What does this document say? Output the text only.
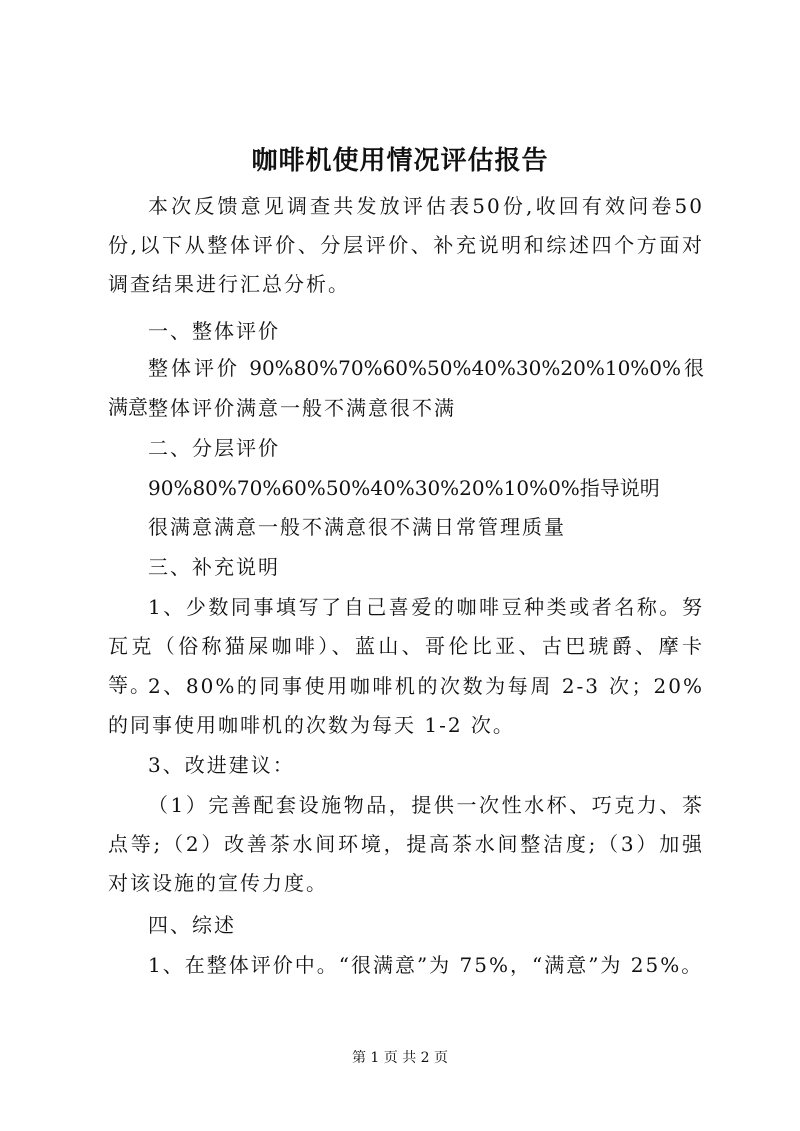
咖啡机使用情况评估报告
本次反馈意见调查共发放评估表50份,收回有效问卷50份,以下从整体评价、分层评价、补充说明和综述四个方面对调查结果进行汇总分析。
一、整体评价
整体评价 90%80%70%60%50%40%30%20%10%0%很满意 整体评价满意一般不满意很不满
二、分层评价
90%80%70%60%50%40%30%20%10%0%指导说明
很满意满意一般不满意很不满日常管理质量
三、补充说明
1、少数同事填写了自己喜爱的咖啡豆种类或者名称。努瓦克（俗称猫屎咖啡）、蓝山、哥伦比亚、古巴琥爵、摩卡等。
2、80%的同事使用咖啡机的次数为每周 2-3 次；20%的同事使用咖啡机的次数为每天 1-2 次。
3、改进建议：
（1）完善配套设施物品，提供一次性水杯、巧克力、茶点等;（2）改善茶水间环境，提高茶水间整洁度;（3）加强对该设施的宣传力度。
四、综述
1、在整体评价中。“很满意”为 75%，“满意”为 25%。
第 1 页 共 2 页
